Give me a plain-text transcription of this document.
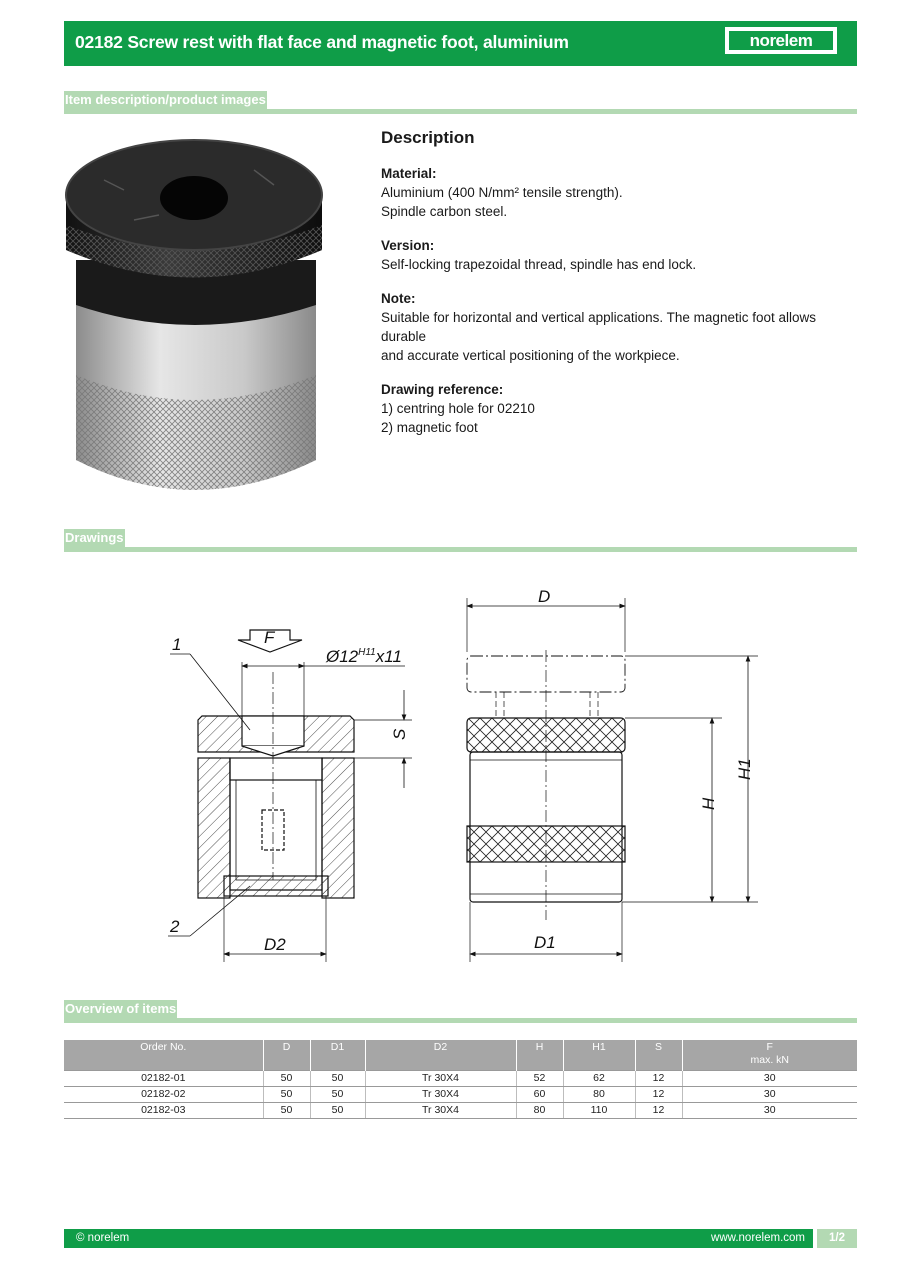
02182 Screw rest with flat face and magnetic foot, aluminium	norelem
Item description/product images
Description
Material:
Aluminium (400 N/mm² tensile strength).
Spindle carbon steel.
Version:
Self-locking trapezoidal thread, spindle has end lock.
Note:
Suitable for horizontal and vertical applications. The magnetic foot allows durable
and accurate vertical positioning of the workpiece.
Drawing reference:
1) centring hole for 02210
2) magnetic foot
Drawings
F
$Ø12^{H11}x11$
1
2
S
D2
D
H
H1
D1
Overview of items
Order No.	D	D1	D2	H	H1	S	F
max. kN
02182-01	50	50	Tr 30X4	52	62	12	30
02182-02	50	50	Tr 30X4	60	80	12	30
02182-03	50	50	Tr 30X4	80	110	12	30
© norelem	www.norelem.com	1/2
